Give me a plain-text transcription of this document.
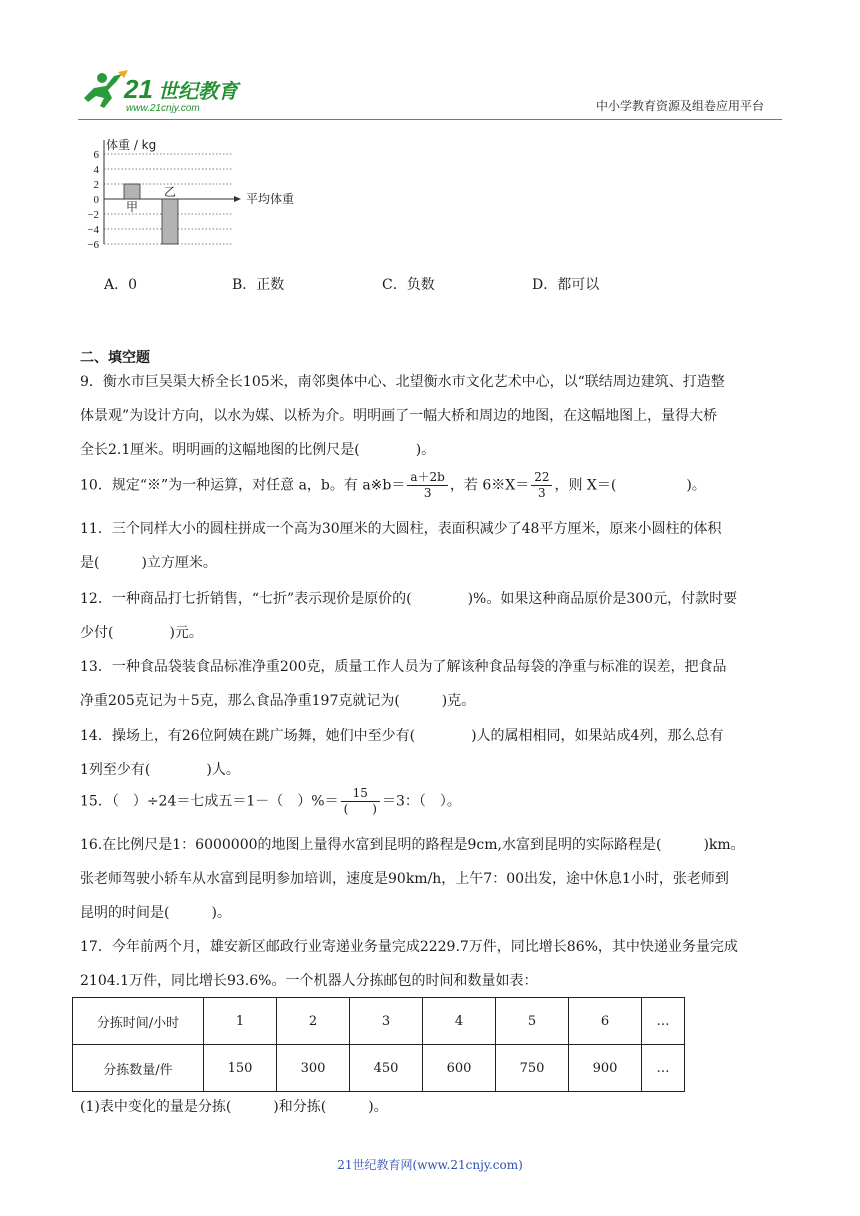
21 世纪教育
www.21cnjy.com	中小学教育资源及组卷应用平台
6
4
2
0
−2
−4
−6
体重 / kg
平均体重
甲
乙
A．0	B．正数	C．负数	D．都可以
二、填空题
9．衡水市巨吴渠大桥全长105米，南邻奥体中心、北望衡水市文化艺术中心，以“联结周边建筑、打造整
体景观”为设计方向，以水为媒、以桥为介。明明画了一幅大桥和周边的地图，在这幅地图上，量得大桥
全长2.1厘米。明明画的这幅地图的比例尺是(　　　　)。
10．规定“※”为一种运算，对任意 a，b。有 a※b＝ $\frac{a+2b}{3}$ ，若 6※X＝ $\frac{22}{3}$ ，则 X＝(　　　　　)。
11．三个同样大小的圆柱拼成一个高为30厘米的大圆柱，表面积减少了48平方厘米，原来小圆柱的体积
是(　　　)立方厘米。
12．一种商品打七折销售，“七折”表示现价是原价的(　　　　)%。如果这种商品原价是300元，付款时要
少付(　　　　)元。
13．一种食品袋装食品标准净重200克，质量工作人员为了解该种食品每袋的净重与标准的误差，把食品
净重205克记为＋5克，那么食品净重197克就记为(　　　)克。
14．操场上，有26位阿姨在跳广场舞，她们中至少有(　　　　)人的属相相同，如果站成4列，那么总有
1列至少有(　　　　)人。
15．（　）÷24＝七成五＝1－（　）%＝ $\frac{15}{( )} =3$：（　）。
16.在比例尺是1：6000000的地图上量得水富到昆明的路程是9cm,水富到昆明的实际路程是(　　　)km。
张老师驾驶小轿车从水富到昆明参加培训，速度是90km/h，上午7：00出发，途中休息1小时，张老师到
昆明的时间是(　　　)。
17．今年前两个月，雄安新区邮政行业寄递业务量完成2229.7万件，同比增长86%，其中快递业务量完成
2104.1万件，同比增长93.6%。一个机器人分拣邮包的时间和数量如表：
分拣时间/小时	1	2	3	4	5	6	…
分拣数量/件	150	300	450	600	750	900	…
(1)表中变化的量是分拣(　　　)和分拣(　　　)。
21世纪教育网(www.21cnjy.com)
